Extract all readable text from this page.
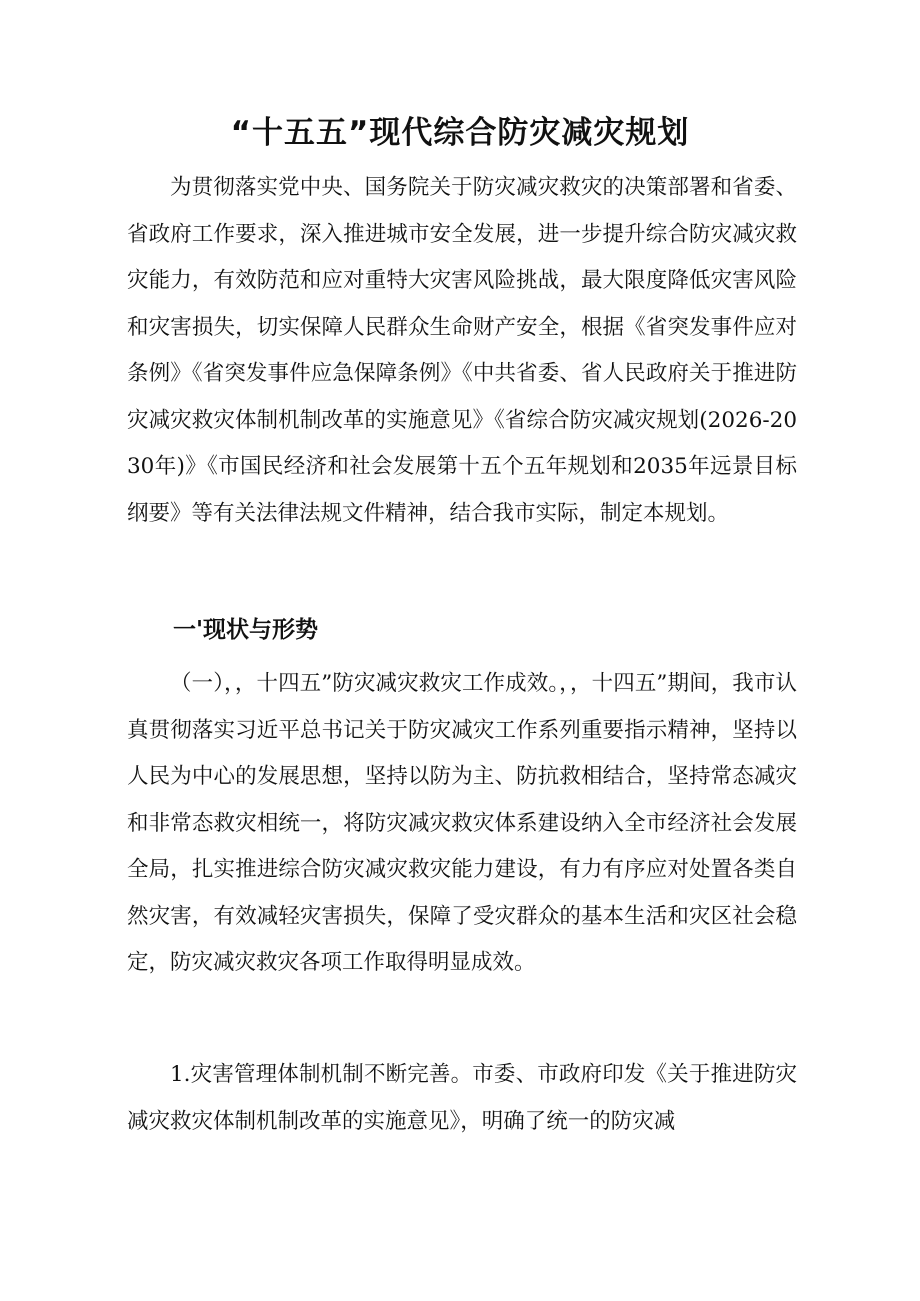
“十五五”现代综合防灾减灾规划

为贯彻落实党中央、国务院关于防灾减灾救灾的决策部署和省委、省政府工作要求，深入推进城市安全发展，进一步提升综合防灾减灾救灾能力，有效防范和应对重特大灾害风险挑战，最大限度降低灾害风险和灾害损失，切实保障人民群众生命财产安全，根据《省突发事件应对条例》《省突发事件应急保障条例》《中共省委、省人民政府关于推进防灾减灾救灾体制机制改革的实施意见》《省综合防灾减灾规划(2026-2030年)》《市国民经济和社会发展第十五个五年规划和2035年远景目标纲要》等有关法律法规文件精神，结合我市实际，制定本规划。

一'现状与形势

（一），，十四五”防灾减灾救灾工作成效。，，十四五”期间，我市认真贯彻落实习近平总书记关于防灾减灾工作系列重要指示精神，坚持以人民为中心的发展思想，坚持以防为主、防抗救相结合，坚持常态减灾和非常态救灾相统一，将防灾减灾救灾体系建设纳入全市经济社会发展全局，扎实推进综合防灾减灾救灾能力建设，有力有序应对处置各类自然灾害，有效减轻灾害损失，保障了受灾群众的基本生活和灾区社会稳定，防灾减灾救灾各项工作取得明显成效。

1.灾害管理体制机制不断完善。市委、市政府印发《关于推进防灾减灾救灾体制机制改革的实施意见》，明确了统一的防灾减
